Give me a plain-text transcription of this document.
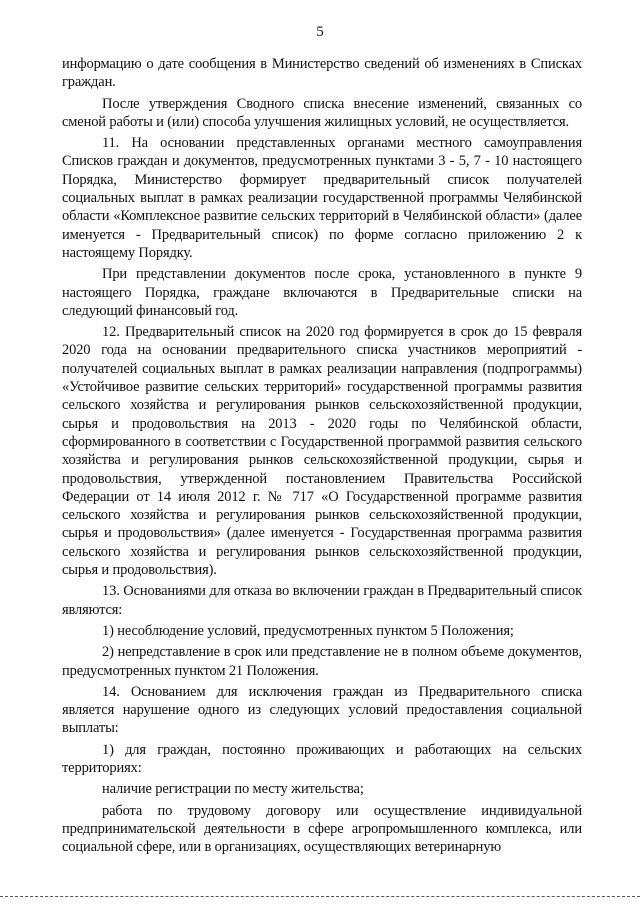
5

информацию о дате сообщения в Министерство сведений об изменениях в Списках граждан.

После утверждения Сводного списка внесение изменений, связанных со сменой работы и (или) способа улучшения жилищных условий, не осуществляется.

11. На основании представленных органами местного самоуправления Списков граждан и документов, предусмотренных пунктами 3 - 5, 7 - 10 настоящего Порядка, Министерство формирует предварительный список получателей социальных выплат в рамках реализации государственной программы Челябинской области «Комплексное развитие сельских территорий в Челябинской области» (далее именуется - Предварительный список) по форме согласно приложению 2 к настоящему Порядку.

При представлении документов после срока, установленного в пункте 9 настоящего Порядка, граждане включаются в Предварительные списки на следующий финансовый год.

12. Предварительный список на 2020 год формируется в срок до 15 февраля 2020 года на основании предварительного списка участников мероприятий - получателей социальных выплат в рамках реализации направления (подпрограммы) «Устойчивое развитие сельских территорий» государственной программы развития сельского хозяйства и регулирования рынков сельскохозяйственной продукции, сырья и продовольствия на 2013 - 2020 годы по Челябинской области, сформированного в соответствии с Государственной программой развития сельского хозяйства и регулирования рынков сельскохозяйственной продукции, сырья и продовольствия, утвержденной постановлением Правительства Российской Федерации от 14 июля 2012 г. № 717 «О Государственной программе развития сельского хозяйства и регулирования рынков сельскохозяйственной продукции, сырья и продовольствия» (далее именуется - Государственная программа развития сельского хозяйства и регулирования рынков сельскохозяйственной продукции, сырья и продовольствия).

13. Основаниями для отказа во включении граждан в Предварительный список являются:

1) несоблюдение условий, предусмотренных пунктом 5 Положения;

2) непредставление в срок или представление не в полном объеме документов, предусмотренных пунктом 21 Положения.

14. Основанием для исключения граждан из Предварительного списка является нарушение одного из следующих условий предоставления социальной выплаты:

1) для граждан, постоянно проживающих и работающих на сельских территориях:

наличие регистрации по месту жительства;

работа по трудовому договору или осуществление индивидуальной предпринимательской деятельности в сфере агропромышленного комплекса, или социальной сфере, или в организациях, осуществляющих ветеринарную
